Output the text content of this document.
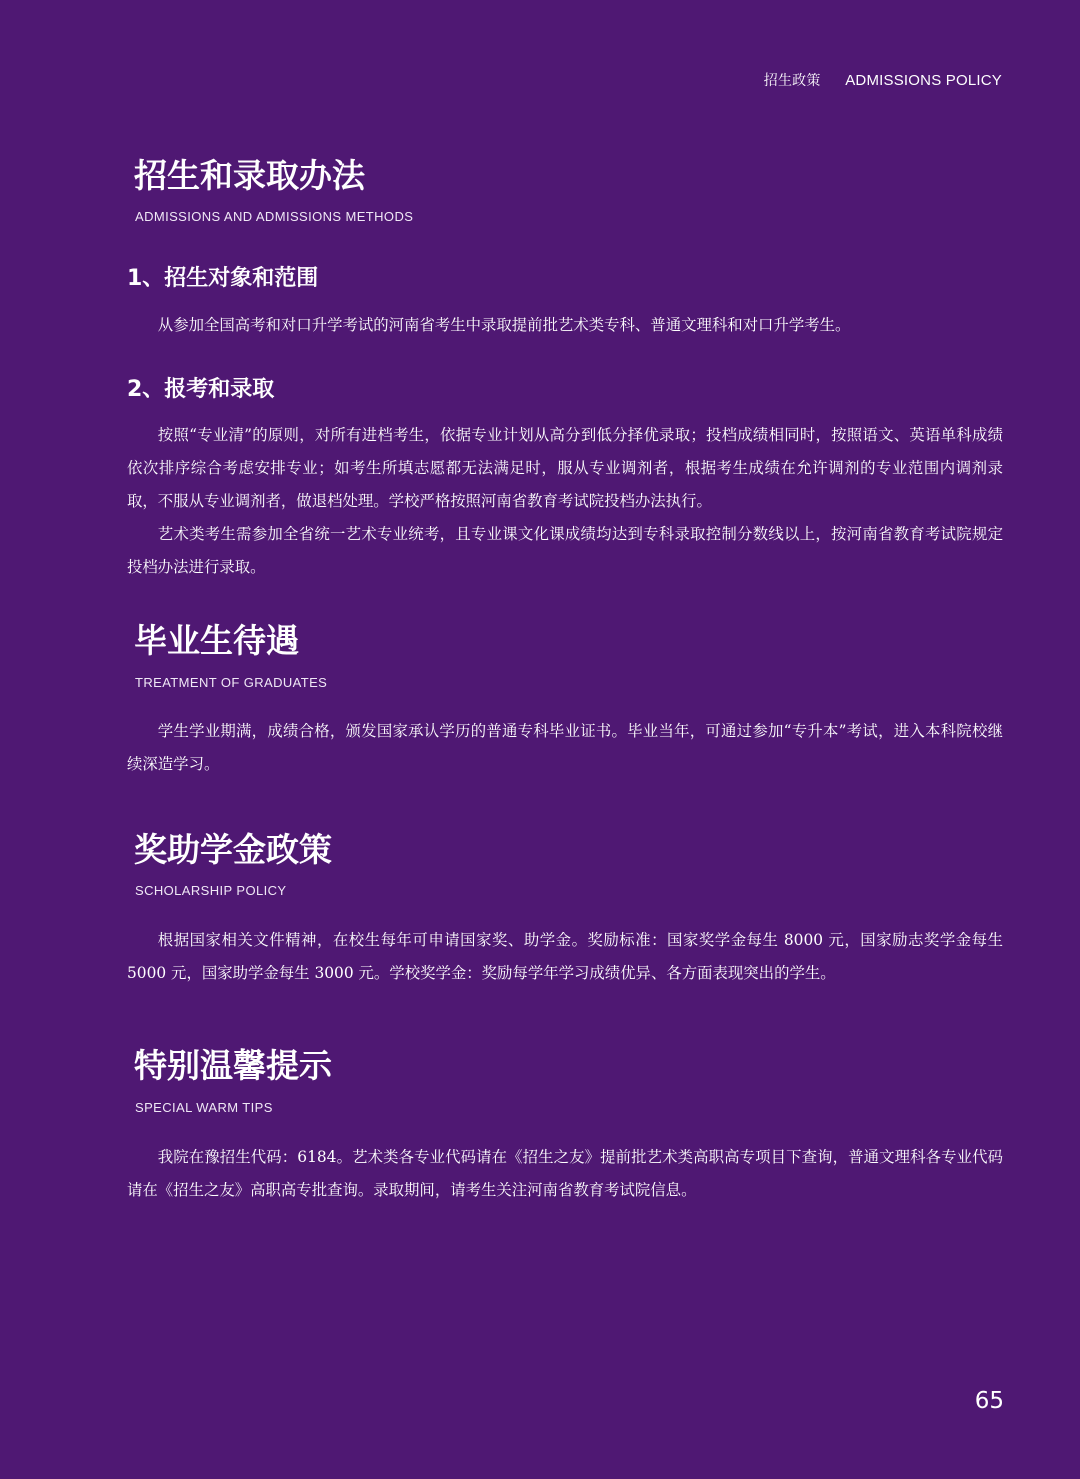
招生政策 ADMISSIONS POLICY
招生和录取办法
ADMISSIONS AND ADMISSIONS METHODS
1、招生对象和范围

从参加全国高考和对口升学考试的河南省考生中录取提前批艺术类专科、普通文理科和对口升学考生。

2、报考和录取

按照“专业清”的原则，对所有进档考生，依据专业计划从高分到低分择优录取；投档成绩相同时，按照语文、英语单科成绩依次排序综合考虑安排专业；如考生所填志愿都无法满足时，服从专业调剂者，根据考生成绩在允许调剂的专业范围内调剂录取，不服从专业调剂者，做退档处理。学校严格按照河南省教育考试院投档办法执行。

艺术类考生需参加全省统一艺术专业统考，且专业课文化课成绩均达到专科录取控制分数线以上，按河南省教育考试院规定投档办法进行录取。

毕业生待遇
TREATMENT OF GRADUATES

学生学业期满，成绩合格，颁发国家承认学历的普通专科毕业证书。毕业当年，可通过参加“专升本”考试，进入本科院校继续深造学习。

奖助学金政策
SCHOLARSHIP POLICY

根据国家相关文件精神，在校生每年可申请国家奖、助学金。奖励标准：国家奖学金每生 8000 元，国家励志奖学金每生 5000 元，国家助学金每生 3000 元。学校奖学金：奖励每学年学习成绩优异、各方面表现突出的学生。

特别温馨提示
SPECIAL WARM TIPS

我院在豫招生代码：6184。艺术类各专业代码请在《招生之友》提前批艺术类高职高专项目下查询，普通文理科各专业代码请在《招生之友》高职高专批查询。录取期间，请考生关注河南省教育考试院信息。

65
